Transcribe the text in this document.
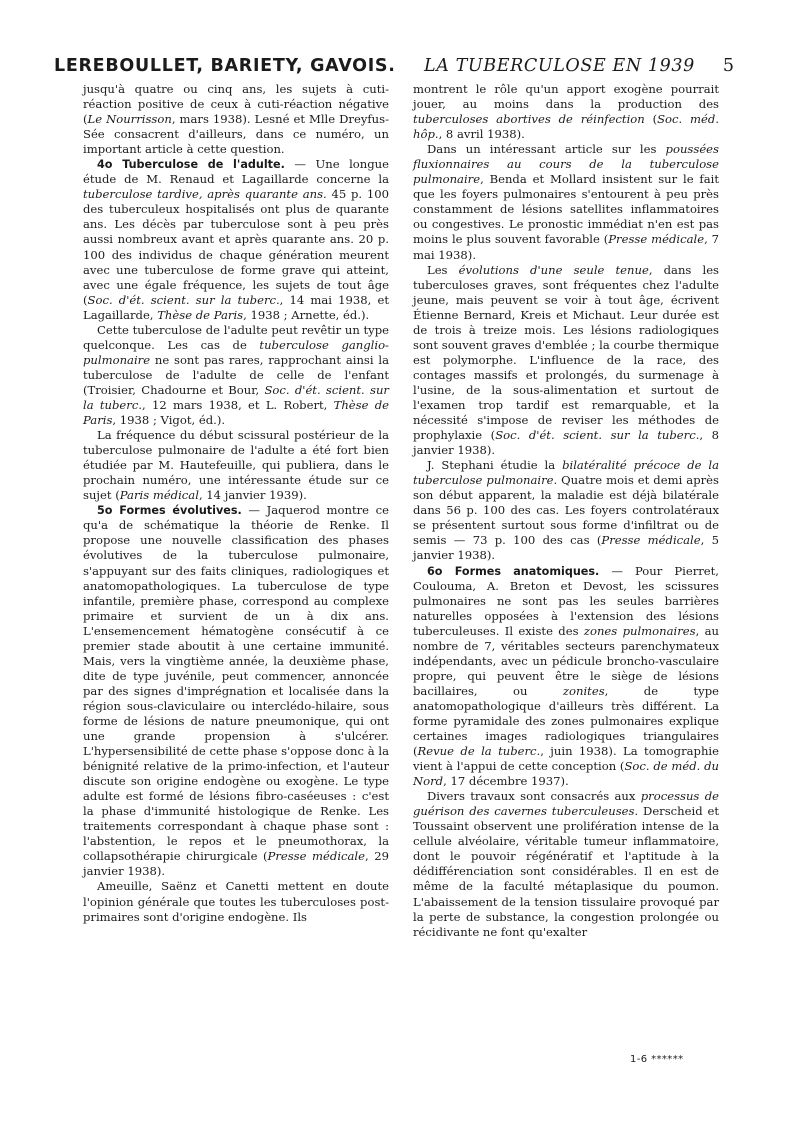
LEREBOULLET, BARIETY, GAVOIS. LA TUBERCULOSE EN 1939 5

jusqu'à quatre ou cinq ans, les sujets à cuti-réaction positive de ceux à cuti-réaction négative (Le Nourrisson, mars 1938). Lesné et Mlle Dreyfus-Sée consacrent d'ailleurs, dans ce numéro, un important article à cette question.

4o Tuberculose de l'adulte. — Une longue étude de M. Renaud et Lagaillarde concerne la tuberculose tardive, après quarante ans. 45 p. 100 des tuberculeux hospitalisés ont plus de quarante ans. Les décès par tuberculose sont à peu près aussi nombreux avant et après quarante ans. 20 p. 100 des individus de chaque génération meurent avec une tuberculose de forme grave qui atteint, avec une égale fréquence, les sujets de tout âge (Soc. d'ét. scient. sur la tuberc., 14 mai 1938, et Lagaillarde, Thèse de Paris, 1938 ; Arnette, éd.).

Cette tuberculose de l'adulte peut revêtir un type quelconque. Les cas de tuberculose ganglio-pulmonaire ne sont pas rares, rapprochant ainsi la tuberculose de l'adulte de celle de l'enfant (Troisier, Chadourne et Bour, Soc. d'ét. scient. sur la tuberc., 12 mars 1938, et L. Robert, Thèse de Paris, 1938 ; Vigot, éd.).

La fréquence du début scissural postérieur de la tuberculose pulmonaire de l'adulte a été fort bien étudiée par M. Hautefeuille, qui publiera, dans le prochain numéro, une intéressante étude sur ce sujet (Paris médical, 14 janvier 1939).

5o Formes évolutives. — Jaquerod montre ce qu'a de schématique la théorie de Renke. Il propose une nouvelle classification des phases évolutives de la tuberculose pulmonaire, s'appuyant sur des faits cliniques, radiologiques et anatomopathologiques. La tuberculose de type infantile, première phase, correspond au complexe primaire et survient de un à dix ans. L'ensemencement hématogène consécutif à ce premier stade aboutit à une certaine immunité. Mais, vers la vingtième année, la deuxième phase, dite de type juvénile, peut commencer, annoncée par des signes d'imprégnation et localisée dans la région sous-claviculaire ou interclédo-hilaire, sous forme de lésions de nature pneumonique, qui ont une grande propension à s'ulcérer. L'hypersensibilité de cette phase s'oppose donc à la bénignité relative de la primo-infection, et l'auteur discute son origine endogène ou exogène. Le type adulte est formé de lésions fibro-caséeuses : c'est la phase d'immunité histologique de Renke. Les traitements correspondant à chaque phase sont : l'abstention, le repos et le pneumothorax, la collapsothérapie chirurgicale (Presse médicale, 29 janvier 1938).

Ameuille, Saënz et Canetti mettent en doute l'opinion générale que toutes les tuberculoses post-primaires sont d'origine endogène. Ils

montrent le rôle qu'un apport exogène pourrait jouer, au moins dans la production des tuberculoses abortives de réinfection (Soc. méd. hôp., 8 avril 1938).

Dans un intéressant article sur les poussées fluxionnaires au cours de la tuberculose pulmonaire, Benda et Mollard insistent sur le fait que les foyers pulmonaires s'entourent à peu près constamment de lésions satellites inflammatoires ou congestives. Le pronostic immédiat n'en est pas moins le plus souvent favorable (Presse médicale, 7 mai 1938).

Les évolutions d'une seule tenue, dans les tuberculoses graves, sont fréquentes chez l'adulte jeune, mais peuvent se voir à tout âge, écrivent Étienne Bernard, Kreis et Michaut. Leur durée est de trois à treize mois. Les lésions radiologiques sont souvent graves d'emblée ; la courbe thermique est polymorphe. L'influence de la race, des contages massifs et prolongés, du surmenage à l'usine, de la sous-alimentation et surtout de l'examen trop tardif est remarquable, et la nécessité s'impose de reviser les méthodes de prophylaxie (Soc. d'ét. scient. sur la tuberc., 8 janvier 1938).

J. Stephani étudie la bilatéralité précoce de la tuberculose pulmonaire. Quatre mois et demi après son début apparent, la maladie est déjà bilatérale dans 56 p. 100 des cas. Les foyers controlatéraux se présentent surtout sous forme d'infiltrat ou de semis — 73 p. 100 des cas (Presse médicale, 5 janvier 1938).

6o Formes anatomiques. — Pour Pierret, Coulouma, A. Breton et Devost, les scissures pulmonaires ne sont pas les seules barrières naturelles opposées à l'extension des lésions tuberculeuses. Il existe des zones pulmonaires, au nombre de 7, véritables secteurs parenchymateux indépendants, avec un pédicule broncho-vasculaire propre, qui peuvent être le siège de lésions bacillaires, ou zonites, de type anatomopathologique d'ailleurs très différent. La forme pyramidale des zones pulmonaires explique certaines images radiologiques triangulaires (Revue de la tuberc., juin 1938). La tomographie vient à l'appui de cette conception (Soc. de méd. du Nord, 17 décembre 1937).

Divers travaux sont consacrés aux processus de guérison des cavernes tuberculeuses. Derscheid et Toussaint observent une prolifération intense de la cellule alvéolaire, véritable tumeur inflammatoire, dont le pouvoir régénératif et l'aptitude à la dédifférenciation sont considérables. Il en est de même de la faculté métaplasique du poumon. L'abaissement de la tension tissulaire provoqué par la perte de substance, la congestion prolongée ou récidivante ne font qu'exalter

1-6 ******
